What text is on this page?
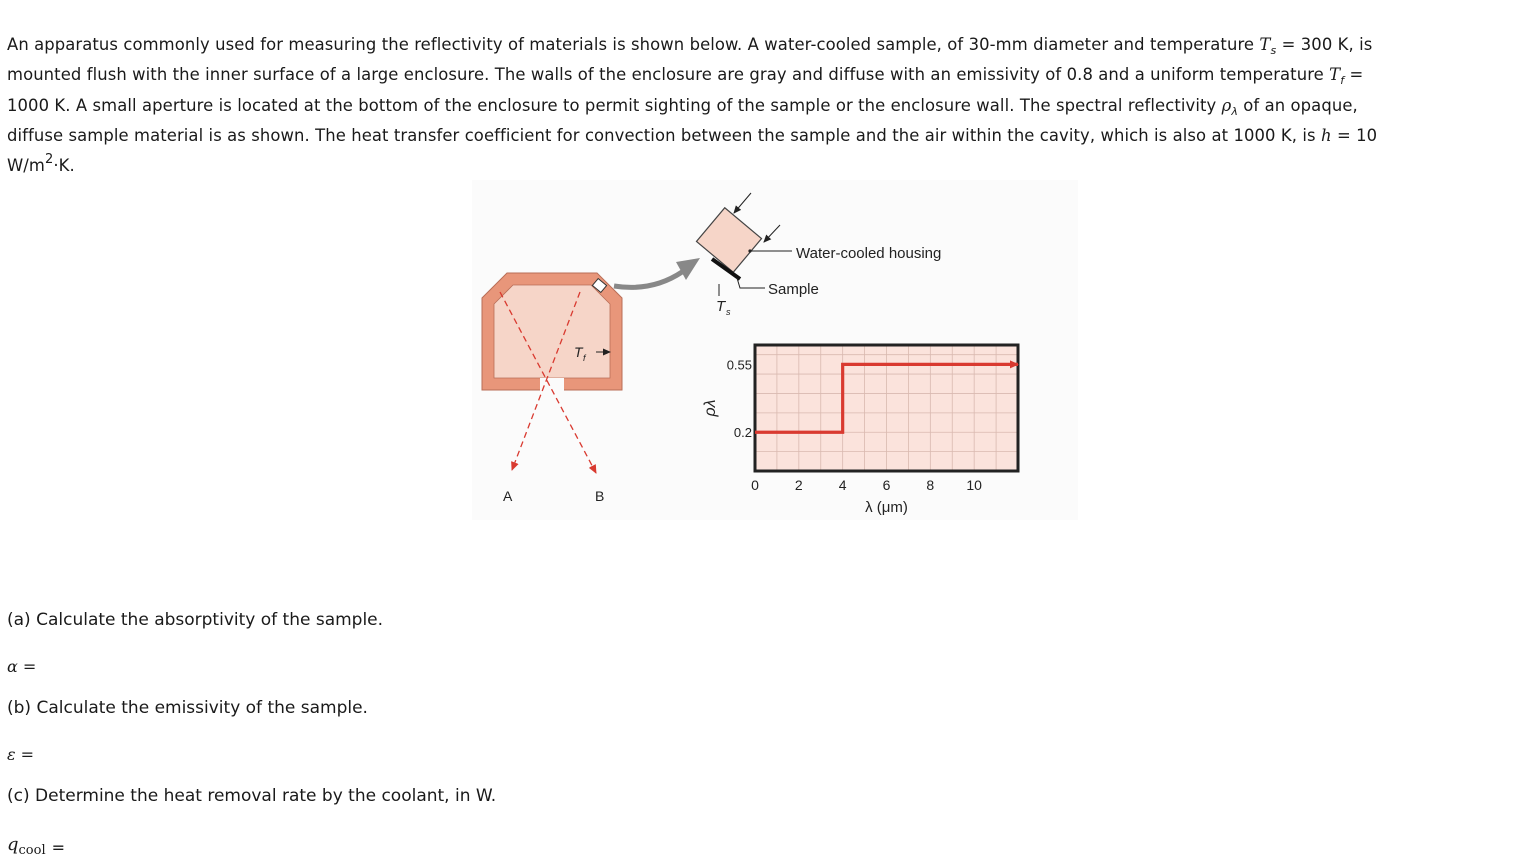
An apparatus commonly used for measuring the reflectivity of materials is shown below. A water-cooled sample, of 30-mm diameter and temperature $T_s = 300$ K, is

mounted flush with the inner surface of a large enclosure. The walls of the enclosure are gray and diffuse with an emissivity of 0.8 and a uniform temperature $T_f$ =

1000 K. A small aperture is located at the bottom of the enclosure to permit sighting of the sample or the enclosure wall. The spectral reflectivity $\rho_\lambda$ of an opaque,

diffuse sample material is as shown. The heat transfer coefficient for convection between the sample and the air within the cavity, which is also at 1000 K, is h = 10

$W/m^2\cdot K$.

T f
A	B
Water-cooled housing
Sample
T s
0	2	4	6	8 10
0.2
0.55
λ (μm)
ρλ

(a) Calculate the absorptivity of the sample.

α =

(b) Calculate the emissivity of the sample.

ε =

(c) Determine the heat removal rate by the coolant, in W.

$q_{cool}$ =
